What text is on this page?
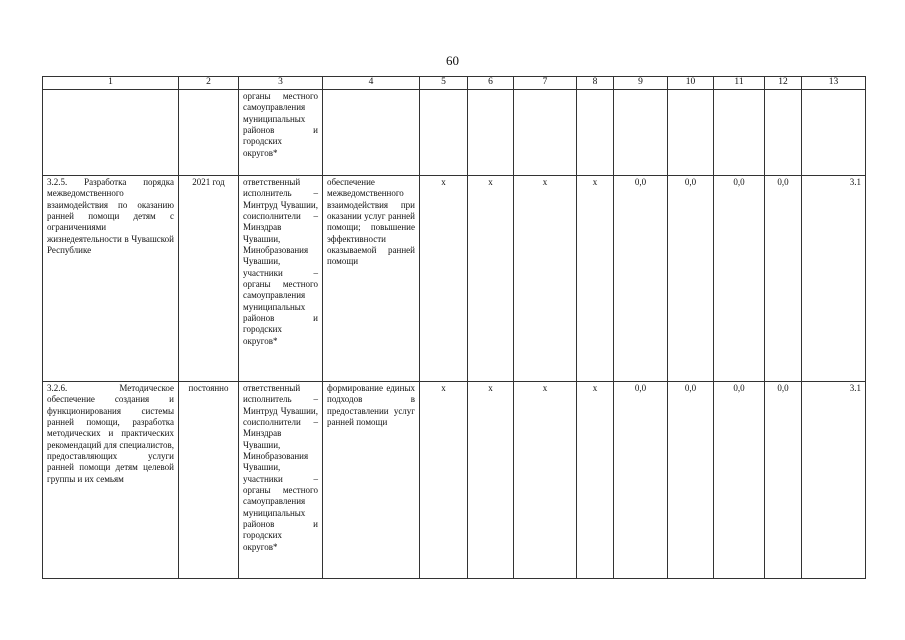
60
1	2	3	4	5	6	7	8	9	10	11	12	13
		органы местного самоуправления муниципальных районов и городских округов*										
3.2.5. Разработка порядка межведомственного взаимодействия по оказанию ранней помощи детям с ограничениями жизнедеятельности в Чувашской Республике	2021 год	ответственный исполнитель – Минтруд Чувашии, соисполнители – Минздрав Чувашии, Минобразования Чувашии, участники – органы местного самоуправления муниципальных районов и городских округов*	обеспечение межведомственного взаимодействия при оказании услуг ранней помощи; повышение эффективности оказываемой ранней помощи	x	x	x	x	0,0	0,0	0,0	0,0	3.1
3.2.6. Методическое обеспечение создания и функционирования системы ранней помощи, разработка методических и практических рекомендаций для специалистов, предоставляющих услуги ранней помощи детям целевой группы и их семьям	постоянно	ответственный исполнитель – Минтруд Чувашии, соисполнители – Минздрав Чувашии, Минобразования Чувашии, участники – органы местного самоуправления муниципальных районов и городских округов*	формирование единых подходов в предоставлении услуг ранней помощи	x	x	x	x	0,0	0,0	0,0	0,0	3.1
